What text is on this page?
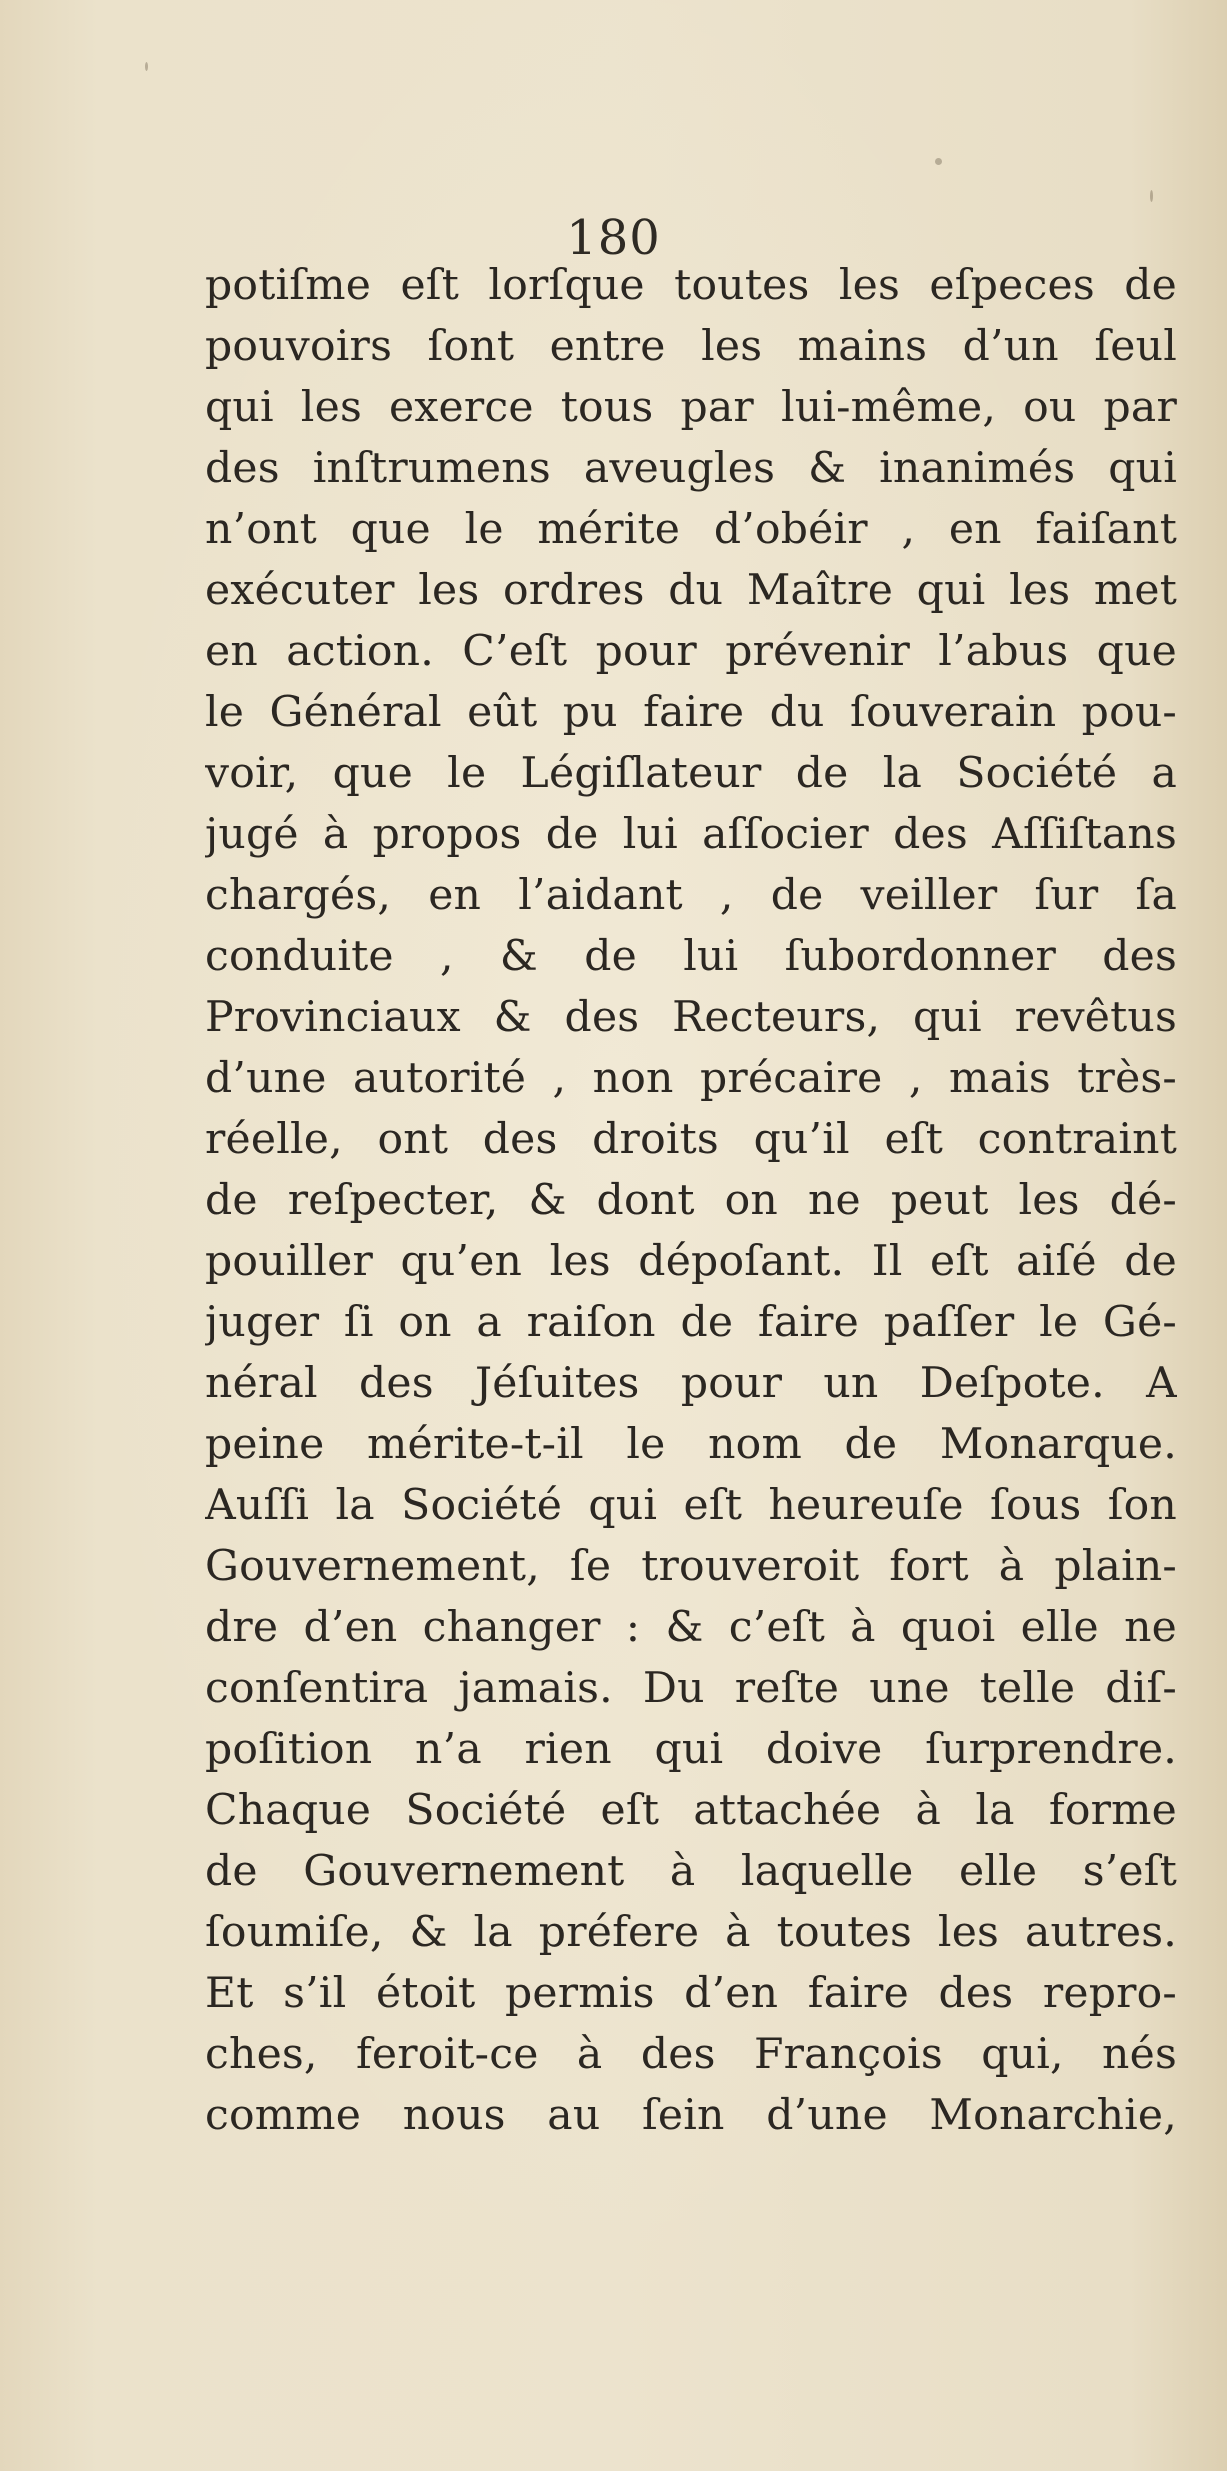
180
potiſme eſt lorſque toutes les eſpeces de
pouvoirs ſont entre les mains d’un ſeul
qui les exerce tous par lui-même, ou par
des inſtrumens aveugles & inanimés qui
n’ont que le mérite d’obéir , en faiſant
exécuter les ordres du Maître qui les met
en action. C’eſt pour prévenir l’abus que
le Général eût pu faire du ſouverain pou-
voir, que le Légiſlateur de la Société a
jugé à propos de lui aſſocier des Aſſiſtans
chargés, en l’aidant , de veiller ſur ſa
conduite , & de lui ſubordonner des
Provinciaux & des Recteurs, qui revêtus
d’une autorité , non précaire , mais très-
réelle, ont des droits qu’il eſt contraint
de reſpecter, & dont on ne peut les dé-
pouiller qu’en les dépoſant. Il eſt aiſé de
juger ſi on a raiſon de faire paſſer le Gé-
néral des Jéſuites pour un Deſpote. A
peine mérite-t-il le nom de Monarque.
Auſſi la Société qui eſt heureuſe ſous ſon
Gouvernement, ſe trouveroit fort à plain-
dre d’en changer : & c’eſt à quoi elle ne
conſentira jamais. Du reſte une telle diſ-
poſition n’a rien qui doive ſurprendre.
Chaque Société eſt attachée à la forme
de Gouvernement à laquelle elle s’eſt
ſoumiſe, & la préfere à toutes les autres.
Et s’il étoit permis d’en faire des repro-
ches, feroit-ce à des François qui, nés
comme nous au ſein d’une Monarchie,
